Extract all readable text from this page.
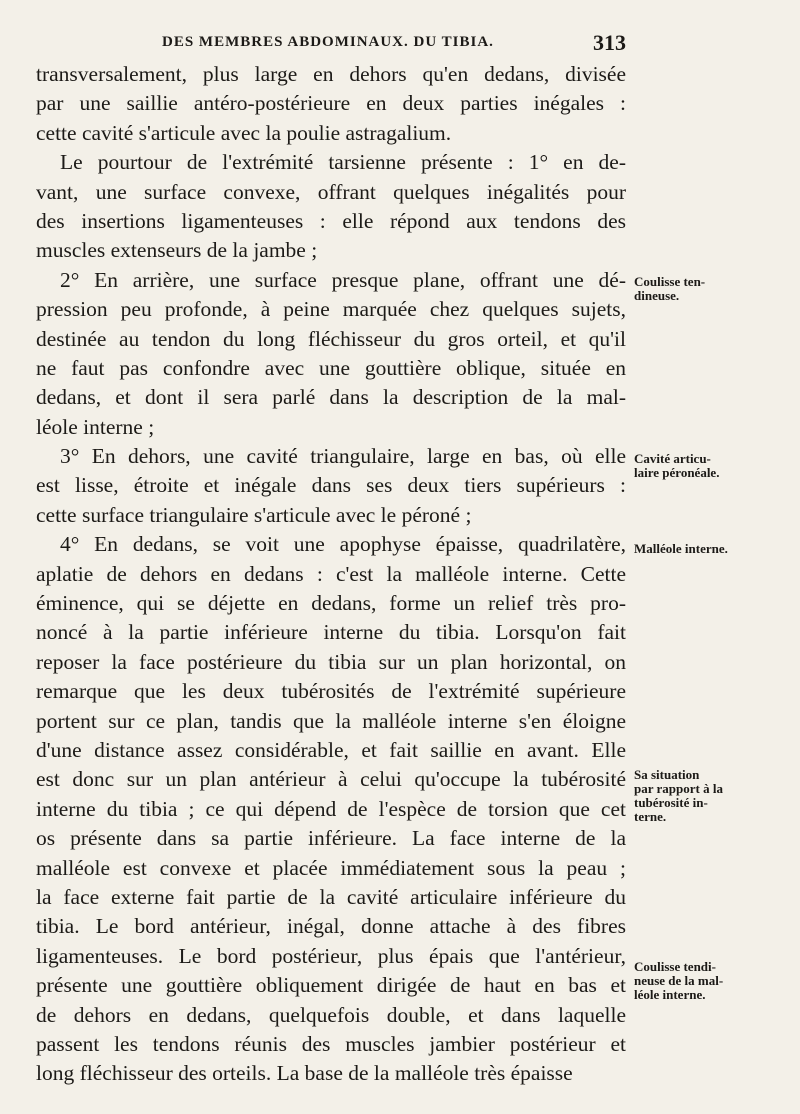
DES MEMBRES ABDOMINAUX. DU TIBIA.	313
transversalement, plus large en dehors qu'en dedans, divisée
par une saillie antéro-postérieure en deux parties inégales :
cette cavité s'articule avec la poulie astragalium.
Le pourtour de l'extrémité tarsienne présente : 1° en de-
vant, une surface convexe, offrant quelques inégalités pour
des insertions ligamenteuses : elle répond aux tendons des
muscles extenseurs de la jambe ;
2° En arrière, une surface presque plane, offrant une dé-
pression peu profonde, à peine marquée chez quelques sujets,
destinée au tendon du long fléchisseur du gros orteil, et qu'il
ne faut pas confondre avec une gouttière oblique, située en
dedans, et dont il sera parlé dans la description de la mal-
léole interne ;
3° En dehors, une cavité triangulaire, large en bas, où elle
est lisse, étroite et inégale dans ses deux tiers supérieurs :
cette surface triangulaire s'articule avec le péroné ;
4° En dedans, se voit une apophyse épaisse, quadrilatère,
aplatie de dehors en dedans : c'est la malléole interne. Cette
éminence, qui se déjette en dedans, forme un relief très pro-
noncé à la partie inférieure interne du tibia. Lorsqu'on fait
reposer la face postérieure du tibia sur un plan horizontal, on
remarque que les deux tubérosités de l'extrémité supérieure
portent sur ce plan, tandis que la malléole interne s'en éloigne
d'une distance assez considérable, et fait saillie en avant. Elle
est donc sur un plan antérieur à celui qu'occupe la tubérosité
interne du tibia ; ce qui dépend de l'espèce de torsion que cet
os présente dans sa partie inférieure. La face interne de la
malléole est convexe et placée immédiatement sous la peau ;
la face externe fait partie de la cavité articulaire inférieure du
tibia. Le bord antérieur, inégal, donne attache à des fibres
ligamenteuses. Le bord postérieur, plus épais que l'antérieur,
présente une gouttière obliquement dirigée de haut en bas et
de dehors en dedans, quelquefois double, et dans laquelle
passent les tendons réunis des muscles jambier postérieur et
long fléchisseur des orteils. La base de la malléole très épaisse
Coulisse ten-
dineuse.
Cavité articu-
laire péronéale.
Malléole interne.
Sa situation
par rapport à la
tubérosité in-
terne.
Coulisse tendi-
neuse de la mal-
léole interne.
